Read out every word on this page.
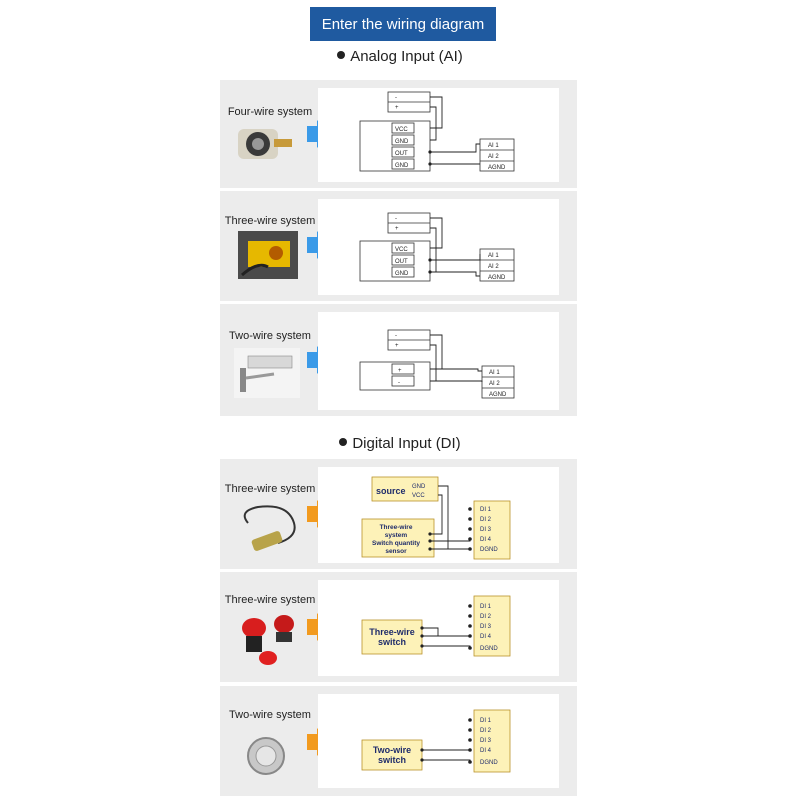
Enter the wiring diagram
Analog Input (AI)
Four-wire system
-
+
VCC
GND
OUT
GND
AI 1
AI 2
AGND
Three-wire system	-
+
VCC
OUT
GND
AI 1
AI 2
AGND
Two-wire system	-
+
+
-
AI 1
AI 2
AGND
Digital Input (DI)
Three-wire system	source GND
VCC
Three-wire
system
Switch quantity
sensor
DI 1
DI 2
DI 3
DI 4
DGND
Three-wire system
Three-wire
switch
DI 1
DI 2
DI 3
DI 4
DGND
Two-wire system
Two-wire
switch
DI 1
DI 2
DI 3
DI 4
DGND
